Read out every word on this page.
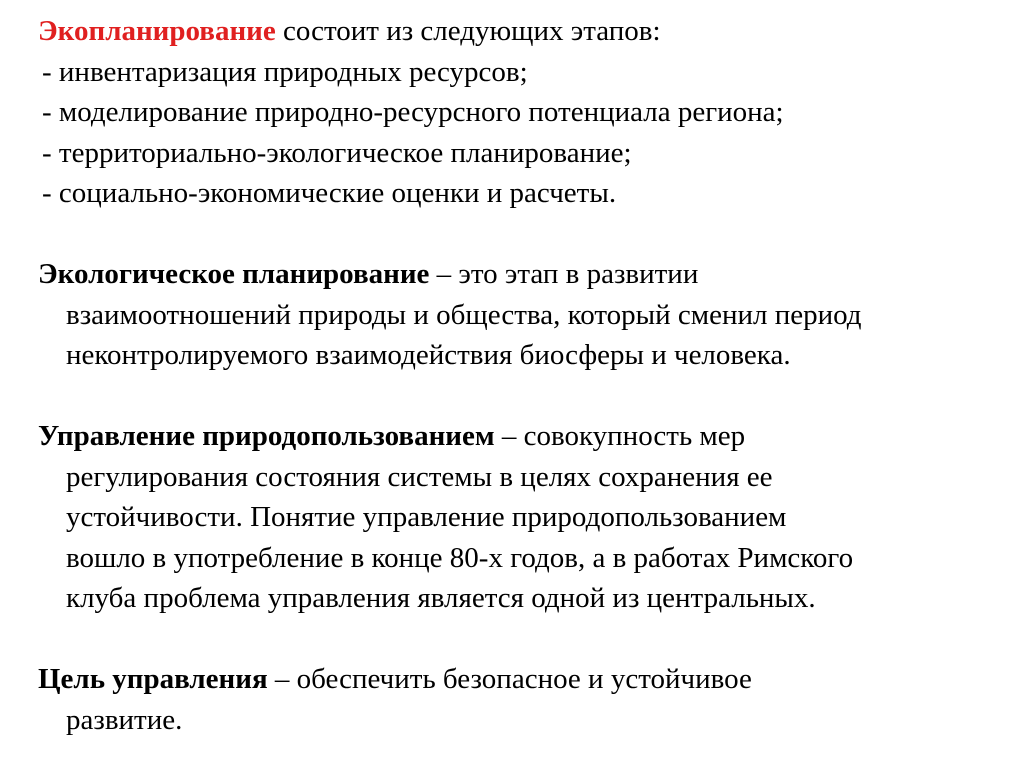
Экопланирование состоит из следующих этапов:
- инвентаризация природных ресурсов;
- моделирование природно-ресурсного потенциала региона;
- территориально-экологическое планирование;
- социально-экономические оценки и расчеты.
Экологическое планирование – это этап в развитии
взаимоотношений природы и общества, который сменил период
неконтролируемого взаимодействия биосферы и человека.
Управление природопользованием – совокупность мер
регулирования состояния системы в целях сохранения ее
устойчивости. Понятие управление природопользованием
вошло в употребление в конце 80-х годов, а в работах Римского
клуба проблема управления является одной из центральных.
Цель управления – обеспечить безопасное и устойчивое
развитие.
